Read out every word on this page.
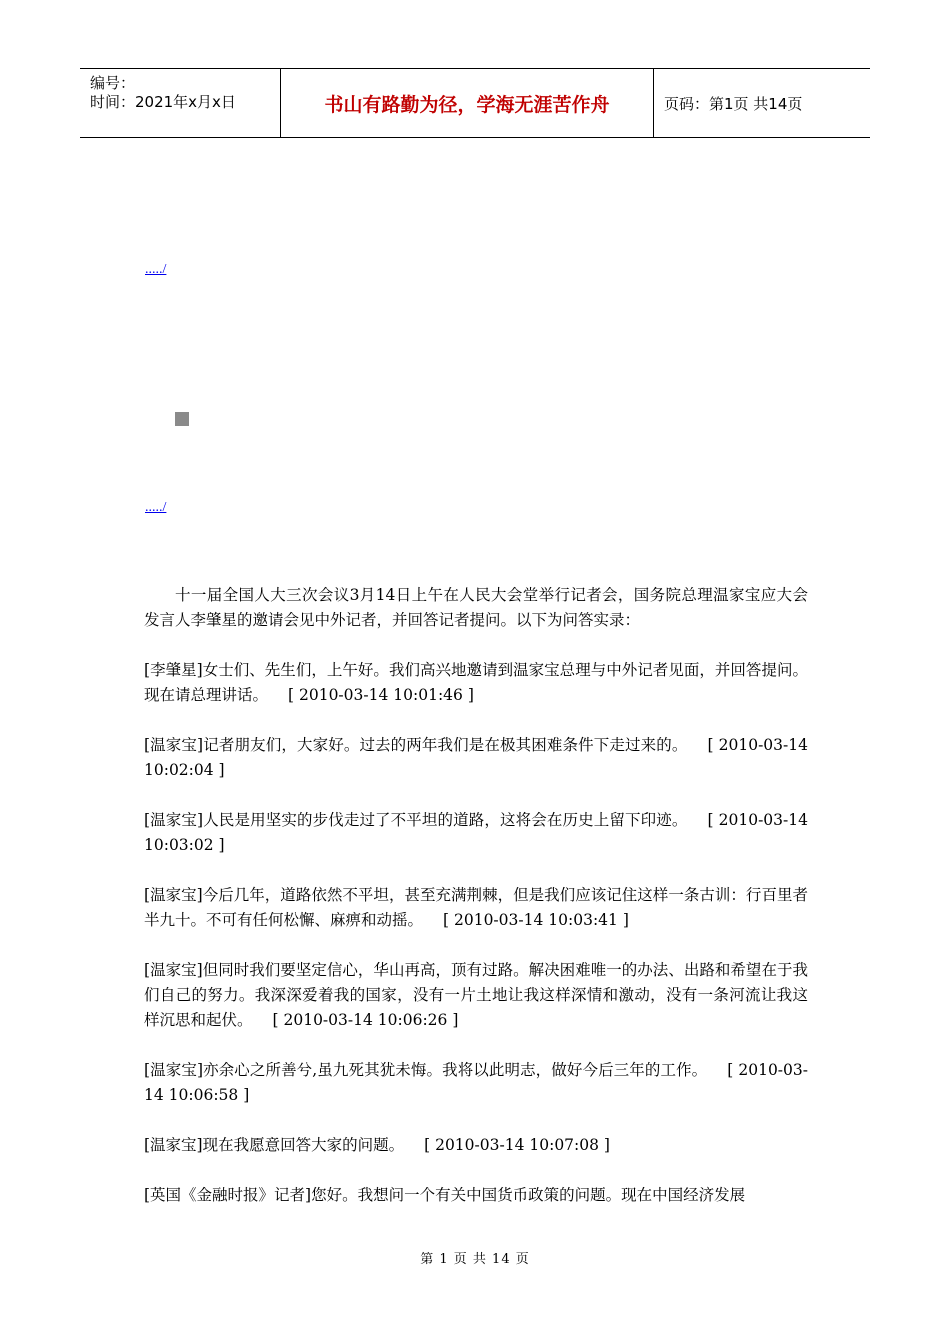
编号：
时间：2021年x月x日	书山有路勤为径，学海无涯苦作舟	页码：第1页 共14页
...../
...../

十一届全国人大三次会议3月14日上午在人民大会堂举行记者会，国务院总理温家宝应大会发言人李肇星的邀请会见中外记者，并回答记者提问。以下为问答实录：

[李肇星]女士们、先生们，上午好。我们高兴地邀请到温家宝总理与中外记者见面，并回答提问。现在请总理讲话。 [ 2010-03-14 10:01:46 ]

[温家宝]记者朋友们，大家好。过去的两年我们是在极其困难条件下走过来的。 [ 2010-03-14 10:02:04 ]

[温家宝]人民是用坚实的步伐走过了不平坦的道路，这将会在历史上留下印迹。 [ 2010-03-14 10:03:02 ]

[温家宝]今后几年，道路依然不平坦，甚至充满荆棘，但是我们应该记住这样一条古训：行百里者半九十。不可有任何松懈、麻痹和动摇。 [ 2010-03-14 10:03:41 ]

[温家宝]但同时我们要坚定信心，华山再高，顶有过路。解决困难唯一的办法、出路和希望在于我们自己的努力。我深深爱着我的国家，没有一片土地让我这样深情和激动，没有一条河流让我这样沉思和起伏。 [ 2010-03-14 10:06:26 ]

[温家宝]亦余心之所善兮,虽九死其犹未悔。我将以此明志，做好今后三年的工作。 [ 2010-03-14 10:06:58 ]

[温家宝]现在我愿意回答大家的问题。 [ 2010-03-14 10:07:08 ]

[英国《金融时报》记者]您好。我想问一个有关中国货币政策的问题。现在中国经济发展

第 1 页 共 14 页
